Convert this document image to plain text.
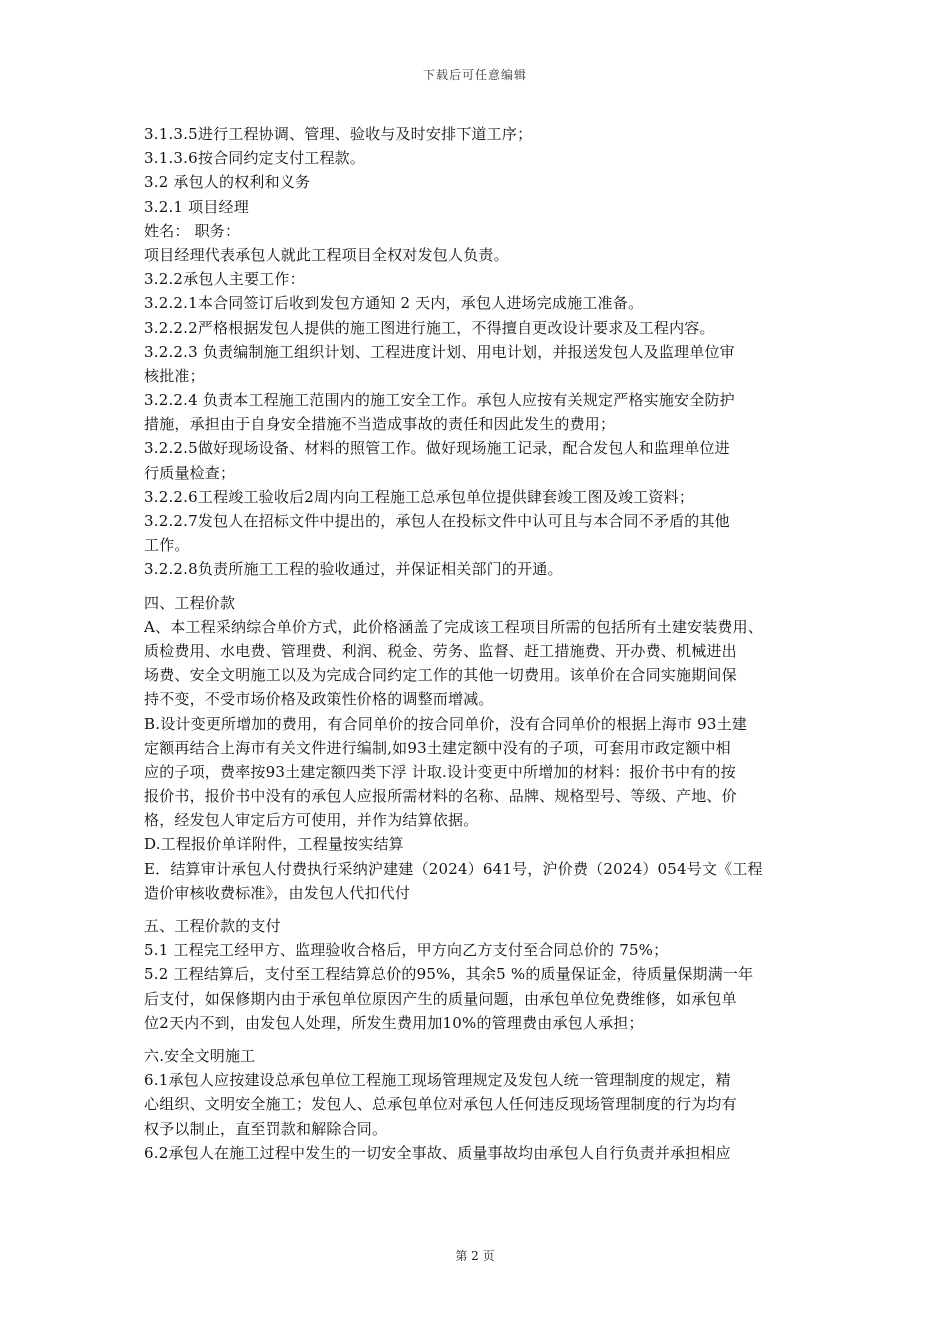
下载后可任意编辑
3.1.3.5进行工程协调、管理、验收与及时安排下道工序；
3.1.3.6按合同约定支付工程款。
3.2 承包人的权利和义务
3.2.1 项目经理
姓名： 职务：
项目经理代表承包人就此工程项目全权对发包人负责。
3.2.2承包人主要工作：
3.2.2.1本合同签订后收到发包方通知 2 天内，承包人进场完成施工准备。
3.2.2.2严格根据发包人提供的施工图进行施工，不得擅自更改设计要求及工程内容。
3.2.2.3 负责编制施工组织计划、工程进度计划、用电计划，并报送发包人及监理单位审
核批准；
3.2.2.4 负责本工程施工范围内的施工安全工作。承包人应按有关规定严格实施安全防护
措施，承担由于自身安全措施不当造成事故的责任和因此发生的费用；
3.2.2.5做好现场设备、材料的照管工作。做好现场施工记录，配合发包人和监理单位进
行质量检查；
3.2.2.6工程竣工验收后2周内向工程施工总承包单位提供肆套竣工图及竣工资料；
3.2.2.7发包人在招标文件中提出的，承包人在投标文件中认可且与本合同不矛盾的其他
工作。
3.2.2.8负责所施工工程的验收通过，并保证相关部门的开通。
四、工程价款
A、本工程采纳综合单价方式，此价格涵盖了完成该工程项目所需的包括所有土建安装费用、
质检费用、水电费、管理费、利润、税金、劳务、监督、赶工措施费、开办费、机械进出
场费、安全文明施工以及为完成合同约定工作的其他一切费用。该单价在合同实施期间保
持不变，不受市场价格及政策性价格的调整而增减。
B.设计变更所增加的费用，有合同单价的按合同单价，没有合同单价的根据上海市 93土建
定额再结合上海市有关文件进行编制,如93土建定额中没有的子项，可套用市政定额中相
应的子项，费率按93土建定额四类下浮 计取.设计变更中所增加的材料：报价书中有的按
报价书，报价书中没有的承包人应报所需材料的名称、品牌、规格型号、等级、产地、价
格，经发包人审定后方可使用，并作为结算依据。
D.工程报价单详附件，工程量按实结算
E．结算审计承包人付费执行采纳沪建建（2024）641号，沪价费（2024）054号文《工程
造价审核收费标准》，由发包人代扣代付
五、工程价款的支付
5.1 工程完工经甲方、监理验收合格后，甲方向乙方支付至合同总价的 75%；
5.2 工程结算后，支付至工程结算总价的95%，其余5 %的质量保证金，待质量保期满一年
后支付，如保修期内由于承包单位原因产生的质量问题，由承包单位免费维修，如承包单
位2天内不到，由发包人处理，所发生费用加10%的管理费由承包人承担；
六.安全文明施工
6.1承包人应按建设总承包单位工程施工现场管理规定及发包人统一管理制度的规定，精
心组织、文明安全施工；发包人、总承包单位对承包人任何违反现场管理制度的行为均有
权予以制止，直至罚款和解除合同。
6.2承包人在施工过程中发生的一切安全事故、质量事故均由承包人自行负责并承担相应
第 2 页
